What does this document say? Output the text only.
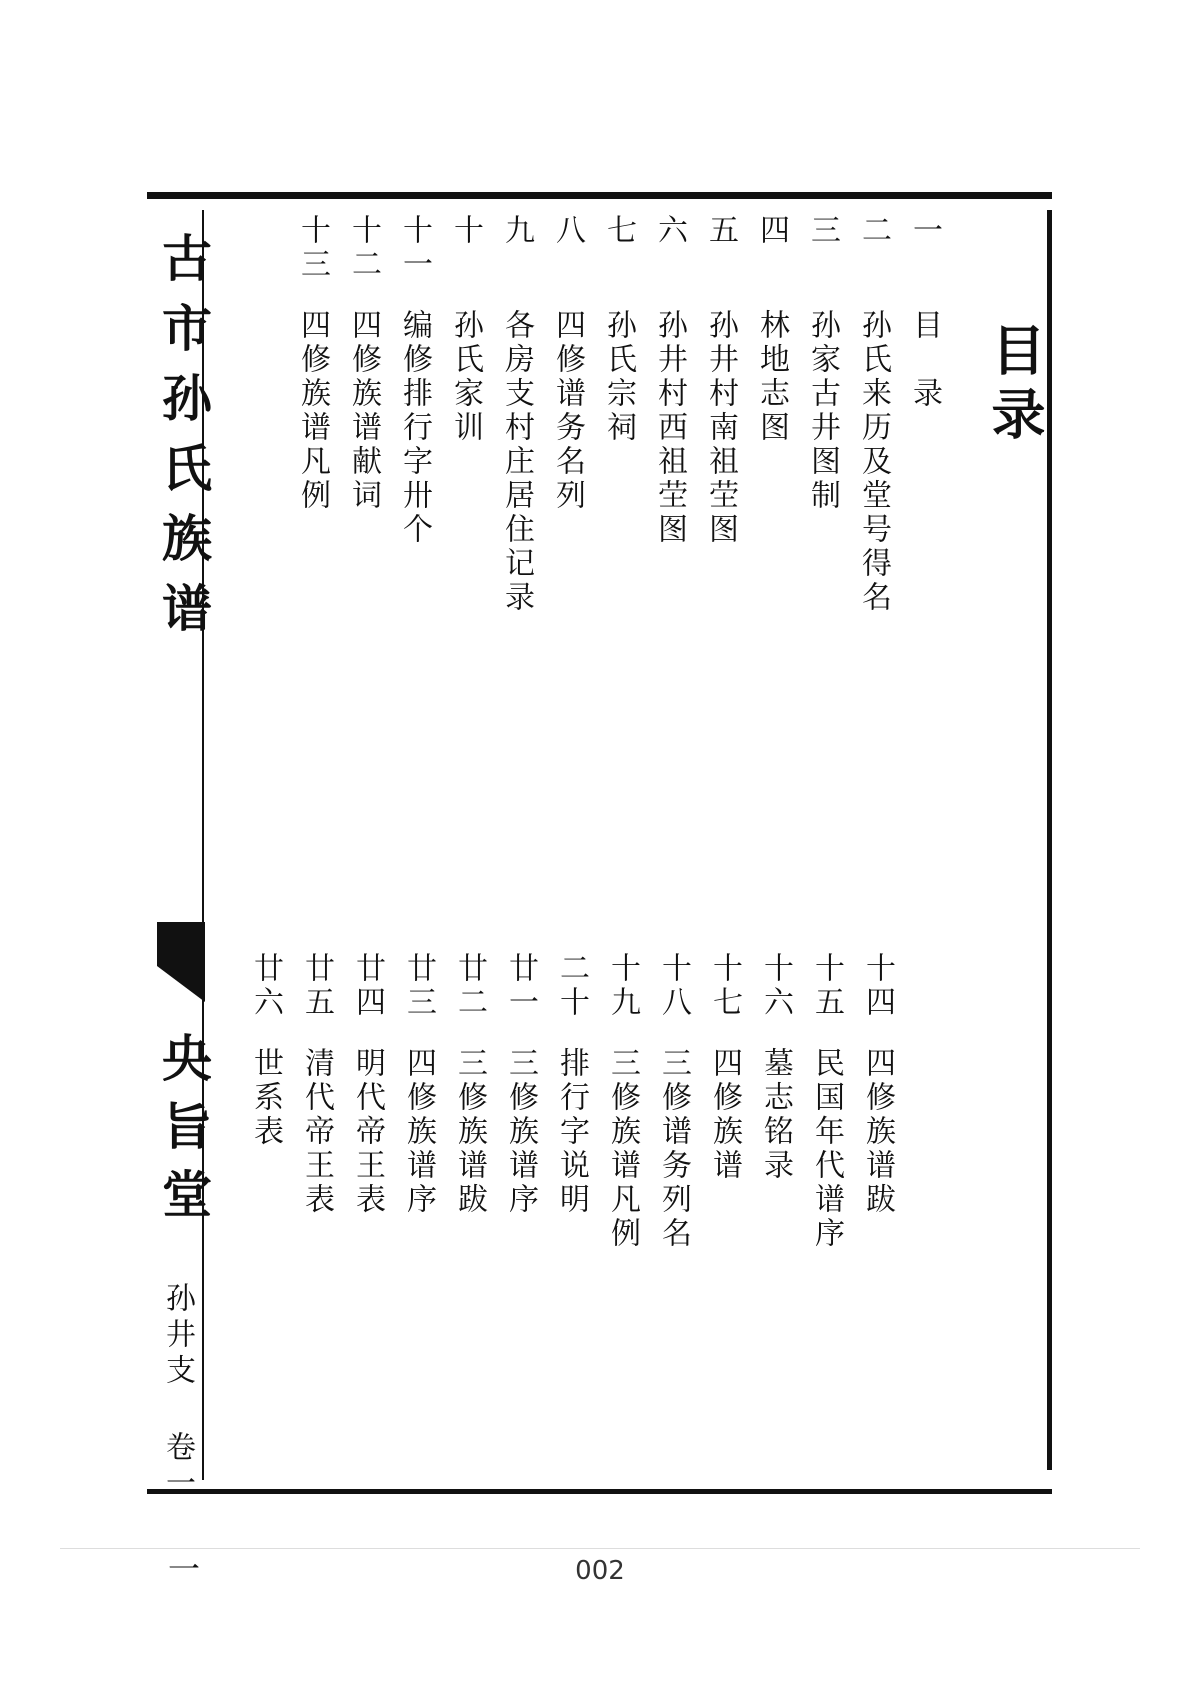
古市孙氏族谱
央旨堂
孙井支 卷一
一
目录
一
目　录
二
孙氏来历及堂号得名
三
孙家古井图制
四
林地志图
五
孙井村南祖茔图
六
孙井村西祖茔图
七
孙氏宗祠
八
四修谱务名列
九
各房支村庄居住记录
十
孙氏家训
十一
编修排行字卅个
十二
四修族谱献词
十三
四修族谱凡例
十四
四修族谱跋
十五
民国年代谱序
十六
墓志铭录
十七
四修族谱
十八
三修谱务列名
十九
三修族谱凡例
二十
排行字说明
廿一
三修族谱序
廿二
三修族谱跋
廿三
四修族谱序
廿四
明代帝王表
廿五
清代帝王表
廿六
世系表
002
